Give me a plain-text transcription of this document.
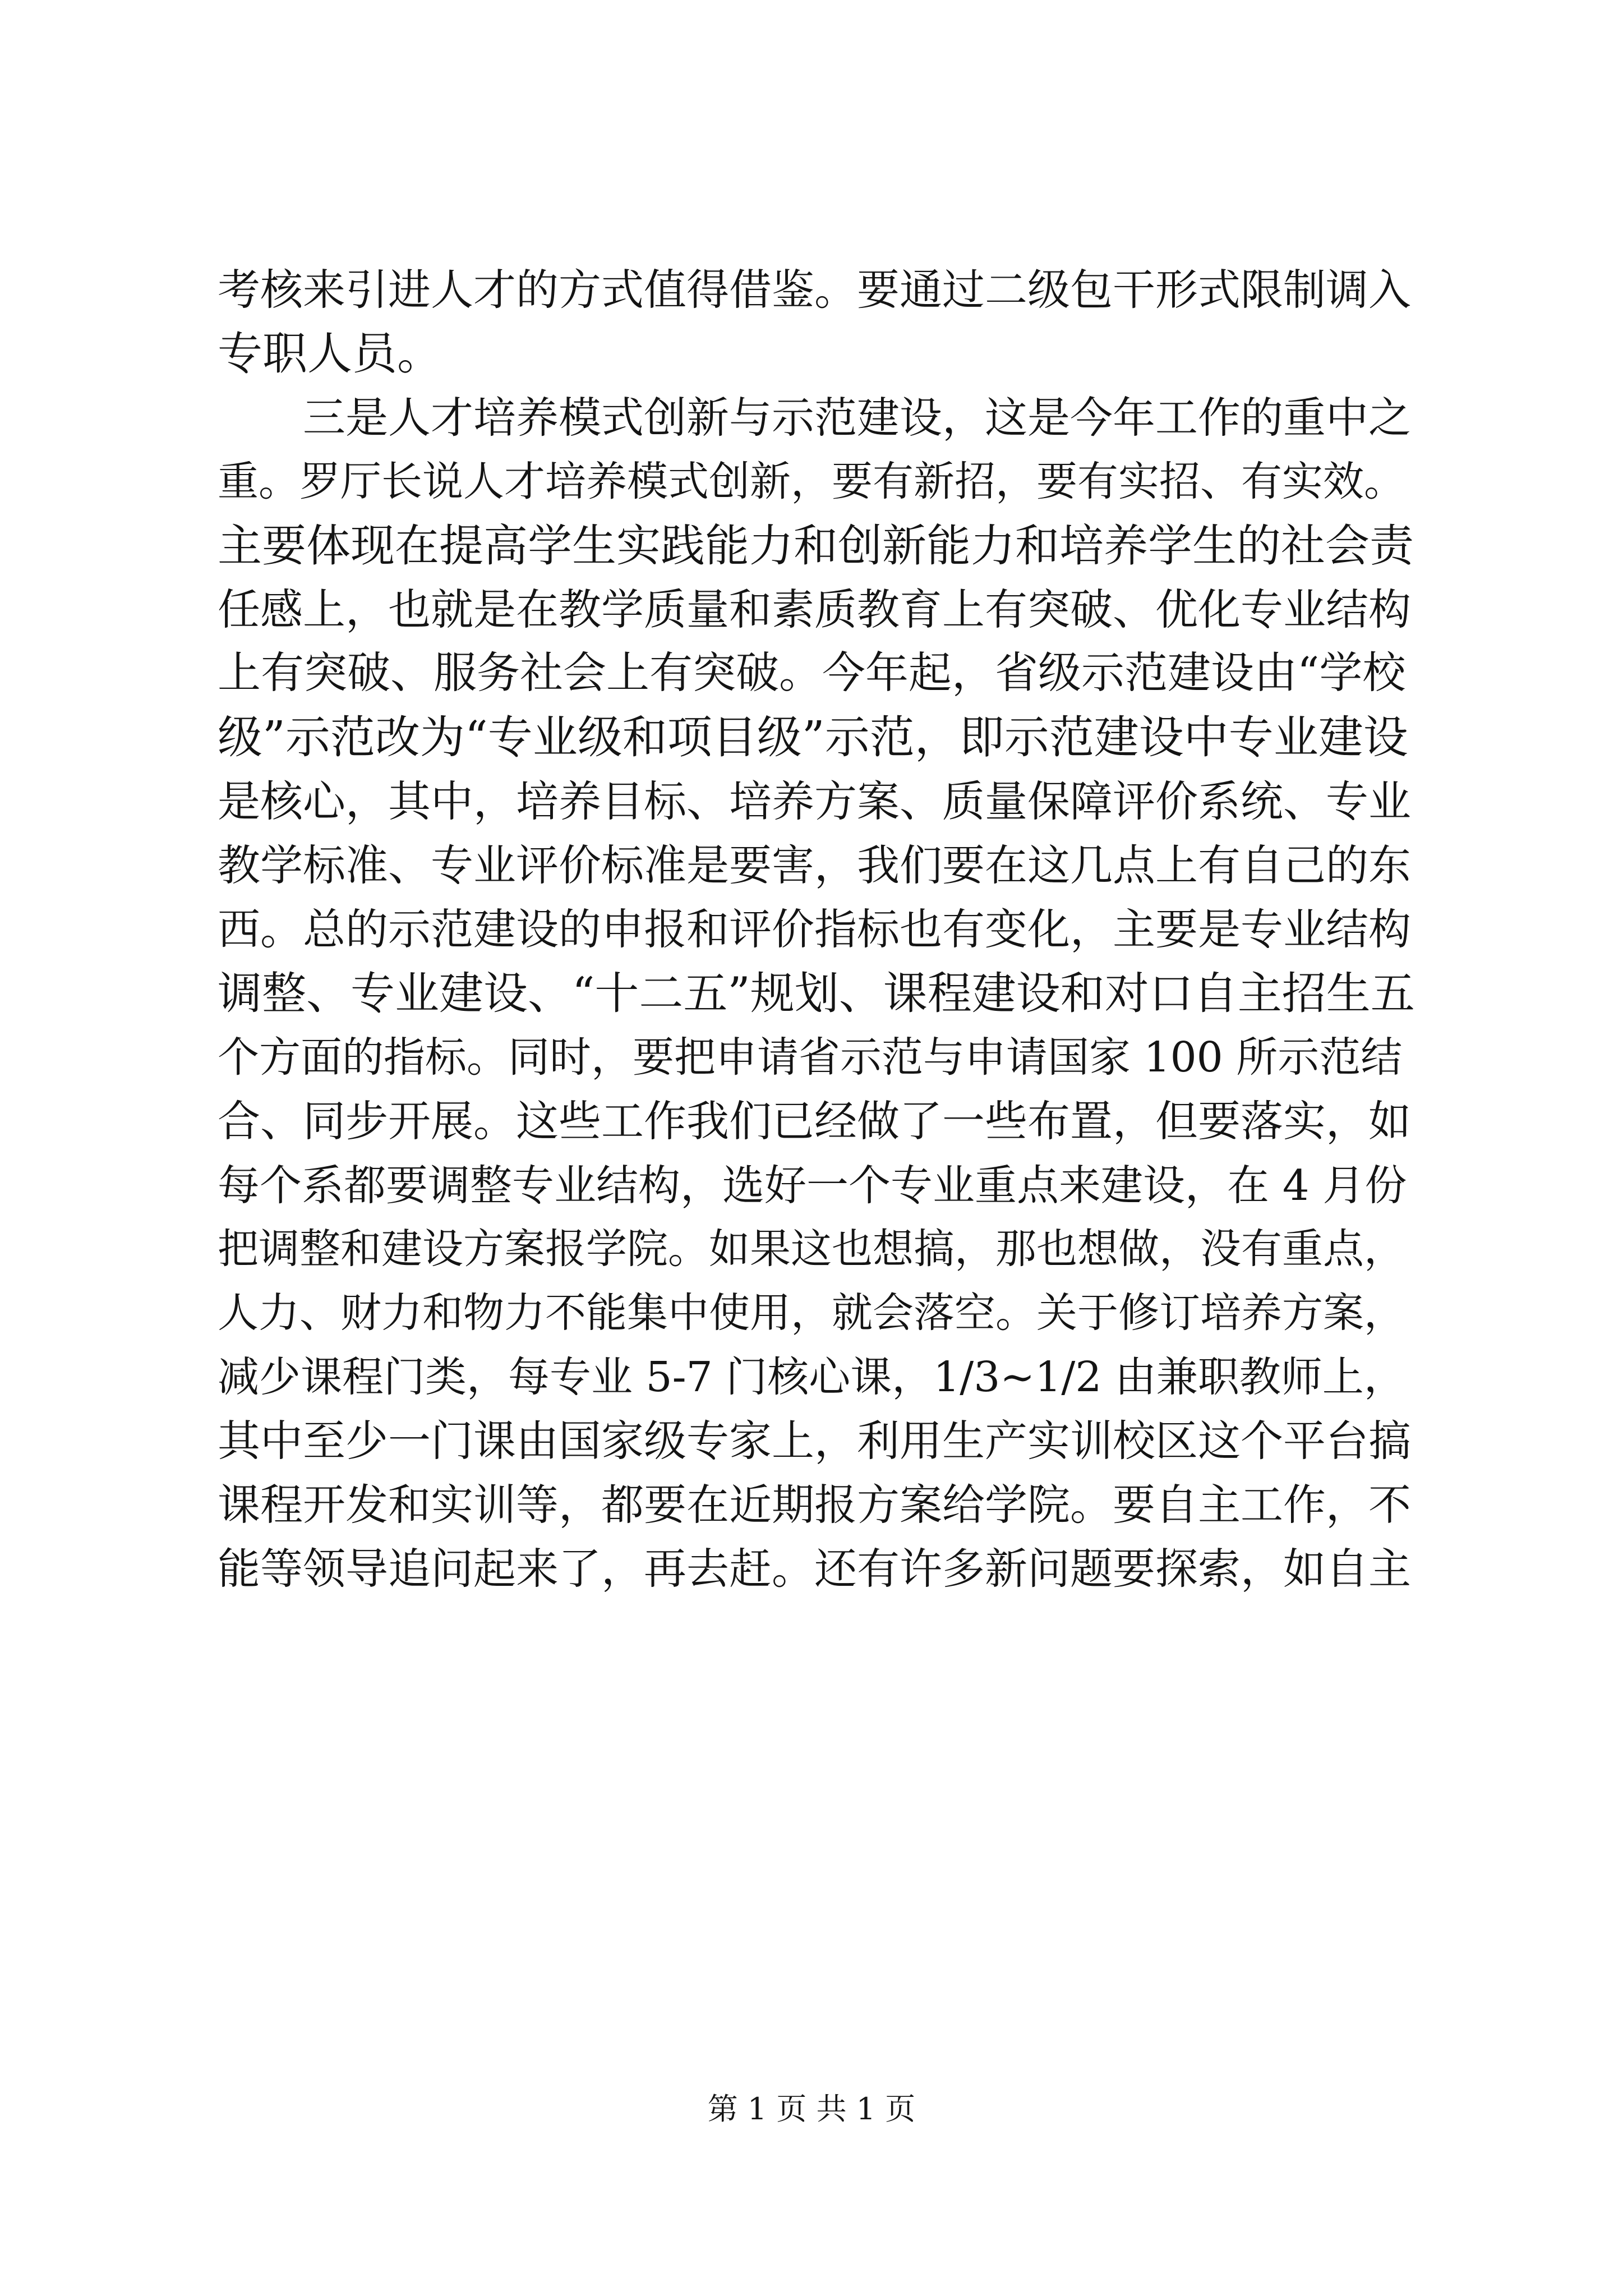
考核来引进人才的方式值得借鉴。要通过二级包干形式限制调入
专职人员。
　　三是人才培养模式创新与示范建设，这是今年工作的重中之
重。罗厅长说人才培养模式创新，要有新招，要有实招、有实效。
主要体现在提高学生实践能力和创新能力和培养学生的社会责
任感上，也就是在教学质量和素质教育上有突破、优化专业结构
上有突破、服务社会上有突破。今年起，省级示范建设由“学校
级”示范改为“专业级和项目级”示范，即示范建设中专业建设
是核心，其中，培养目标、培养方案、质量保障评价系统、专业
教学标准、专业评价标准是要害，我们要在这几点上有自己的东
西。总的示范建设的申报和评价指标也有变化，主要是专业结构
调整、专业建设、“十二五”规划、课程建设和对口自主招生五
个方面的指标。同时，要把申请省示范与申请国家 100 所示范结
合、同步开展。这些工作我们已经做了一些布置，但要落实，如
每个系都要调整专业结构，选好一个专业重点来建设，在 4 月份
把调整和建设方案报学院。如果这也想搞，那也想做，没有重点，
人力、财力和物力不能集中使用，就会落空。关于修订培养方案，
减少课程门类，每专业 5-7 门核心课，1/3~1/2 由兼职教师上，
其中至少一门课由国家级专家上，利用生产实训校区这个平台搞
课程开发和实训等，都要在近期报方案给学院。要自主工作，不
能等领导追问起来了，再去赶。还有许多新问题要探索，如自主
第 1 页 共 1 页
